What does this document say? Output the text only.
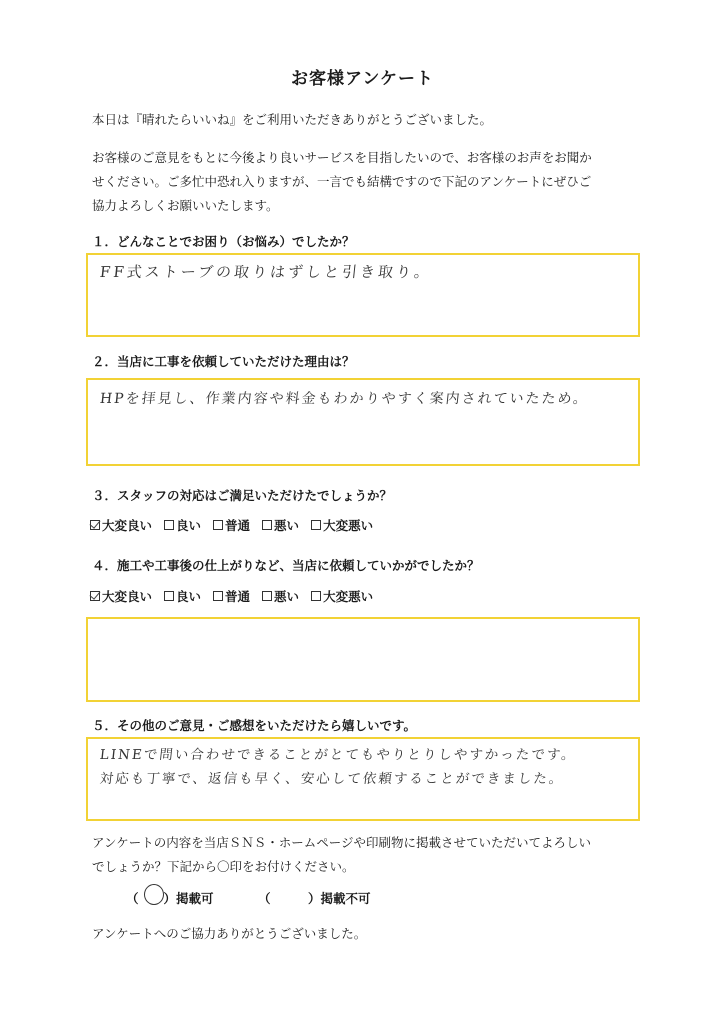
お客様アンケート
本日は『晴れたらいいね』をご利用いただきありがとうございました。
お客様のご意見をもとに今後より良いサービスを目指したいので、お客様のお声をお聞か
せください。ご多忙中恐れ入りますが、一言でも結構ですので下記のアンケートにぜひご
協力よろしくお願いいたします。
１．どんなことでお困り（お悩み）でしたか？
FF式ストーブの取りはずしと引き取り。
２．当店に工事を依頼していただけた理由は？
HPを拝見し、作業内容や料金もわかりやすく案内されていたため。
３．スタッフの対応はご満足いただけたでしょうか？
大変良い 良い 普通 悪い 大変悪い
４．施工や工事後の仕上がりなど、当店に依頼していかがでしたか？
大変良い 良い 普通 悪い 大変悪い
５．その他のご意見・ご感想をいただけたら嬉しいです。
LINEで問い合わせできることがとてもやりとりしやすかったです。
対応も丁寧で、返信も早く、安心して依頼することができました。
アンケートの内容を当店ＳＮＳ・ホームページや印刷物に掲載させていただいてよろしい
でしょうか？下記から〇印をお付けください。
（　　）掲載可	（　　　）掲載不可
アンケートへのご協力ありがとうございました。
